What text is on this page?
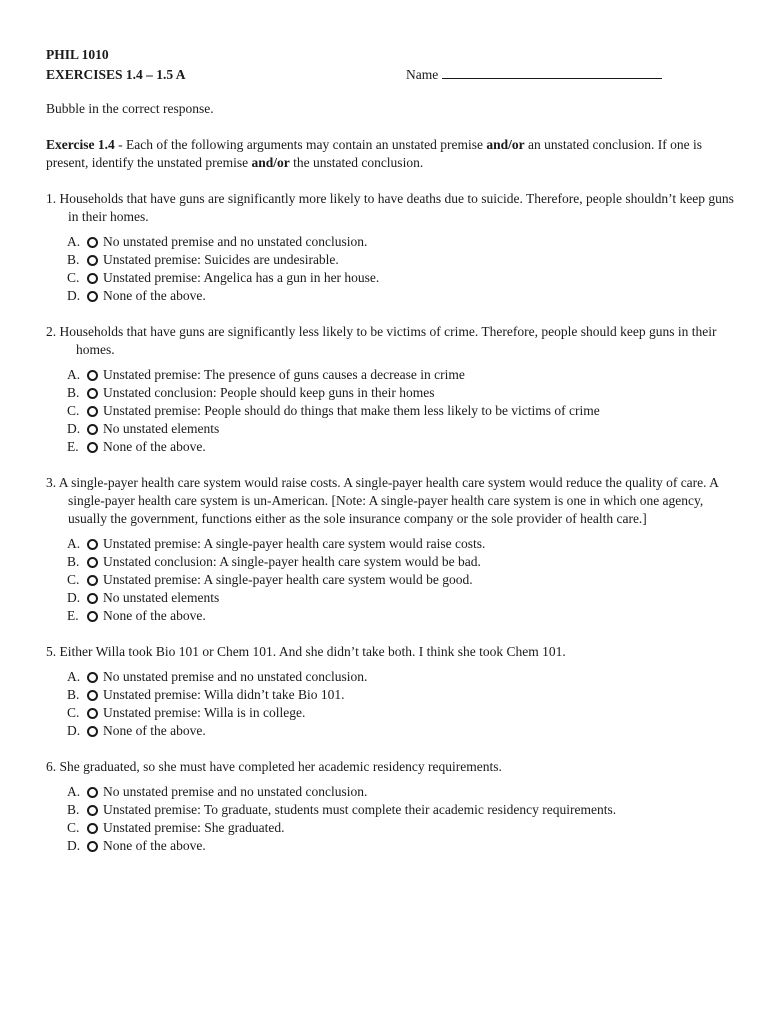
PHIL 1010
EXERCISES 1.4 – 1.5 A	Name
Bubble in the correct response.
Exercise 1.4 - Each of the following arguments may contain an unstated premise and/or an unstated conclusion. If one is present, identify the unstated premise and/or the unstated conclusion.
1. Households that have guns are significantly more likely to have deaths due to suicide. Therefore, people shouldn’t keep guns in their homes.
A.	No unstated premise and no unstated conclusion.
B.	Unstated premise: Suicides are undesirable.
C.	Unstated premise: Angelica has a gun in her house.
D.	None of the above.
2. Households that have guns are significantly less likely to be victims of crime. Therefore, people should keep guns in their homes.
A.	Unstated premise: The presence of guns causes a decrease in crime
B.	Unstated conclusion: People should keep guns in their homes
C.	Unstated premise: People should do things that make them less likely to be victims of crime
D.	No unstated elements
E.	None of the above.
3. A single-payer health care system would raise costs. A single-payer health care system would reduce the quality of care. A single-payer health care system is un-American. [Note: A single-payer health care system is one in which one agency, usually the government, functions either as the sole insurance company or the sole provider of health care.]
A.	Unstated premise: A single-payer health care system would raise costs.
B.	Unstated conclusion: A single-payer health care system would be bad.
C.	Unstated premise: A single-payer health care system would be good.
D.	No unstated elements
E.	None of the above.
5. Either Willa took Bio 101 or Chem 101. And she didn’t take both. I think she took Chem 101.
A.	No unstated premise and no unstated conclusion.
B.	Unstated premise: Willa didn’t take Bio 101.
C.	Unstated premise: Willa is in college.
D.	None of the above.
6. She graduated, so she must have completed her academic residency requirements.
A.	No unstated premise and no unstated conclusion.
B.	Unstated premise: To graduate, students must complete their academic residency requirements.
C.	Unstated premise: She graduated.
D.	None of the above.
